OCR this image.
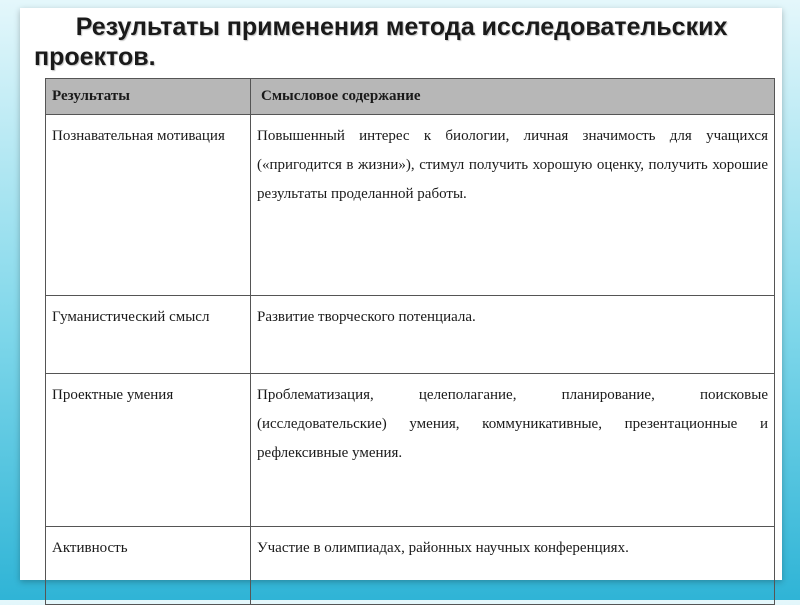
Результаты применения метода исследовательских проектов.
Результаты	Смысловое содержание
Познавательная мотивация	Повышенный интерес к биологии, личная значимость для учащихся («пригодится в жизни»), стимул получить хорошую оценку, получить хорошие результаты проделанной работы.
Гуманистический смысл	Развитие творческого потенциала.
Проектные умения	Проблематизация, целеполагание, планирование, поисковые (исследовательские) умения, коммуникативные, презентационные и рефлексивные умения.
Активность	Участие в олимпиадах, районных научных конференциях.
